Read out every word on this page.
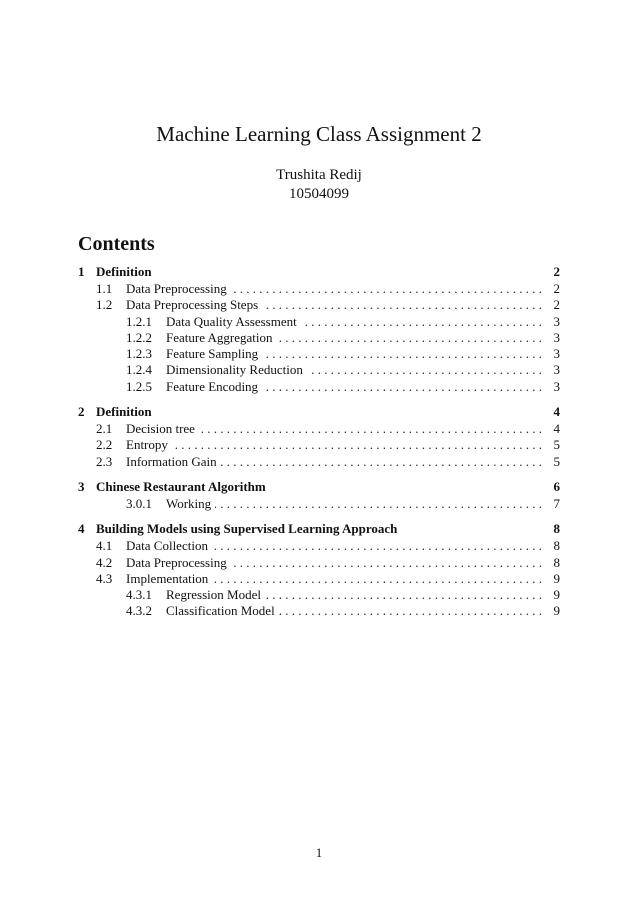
Machine Learning Class Assignment 2
Trushita Redij
10504099
Contents
1 Definition	2
1.1	Data Preprocessing . . .	2
1.2	Data Preprocessing Steps . . .	2
1.2.1	Data Quality Assessment . . .	3
1.2.2	Feature Aggregation . . .	3
1.2.3	Feature Sampling . . .	3
1.2.4	Dimensionality Reduction . . .	3
1.2.5	Feature Encoding . . .	3
2 Definition	4
2.1	Decision tree . . .	4
2.2	Entropy . . .	5
2.3	Information Gain . . .	5
3 Chinese Restaurant Algorithm	6
3.0.1	Working . . .	7
4 Building Models using Supervised Learning Approach	8
4.1	Data Collection . . .	8
4.2	Data Preprocessing . . .	8
4.3	Implementation . . .	9
4.3.1	Regression Model . . .	9
4.3.2	Classification Model . . .	9
1
